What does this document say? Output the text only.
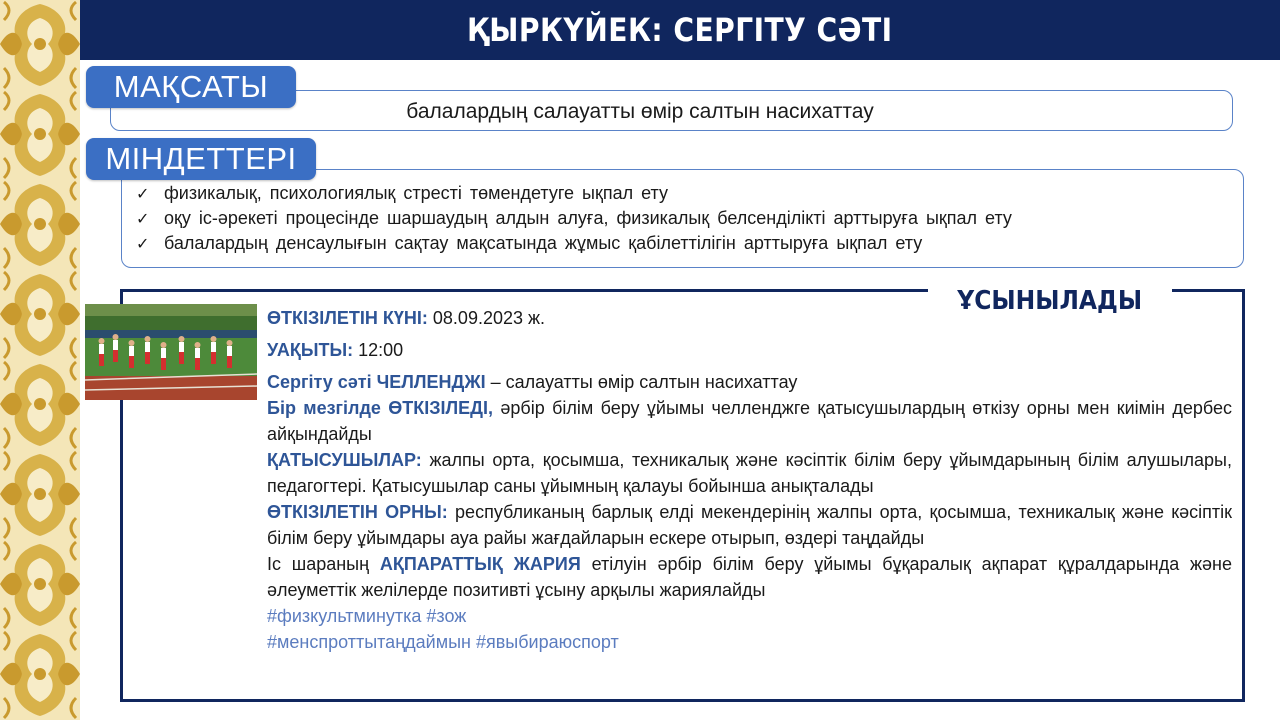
ҚЫРКҮЙЕК: СЕРГІТУ СӘТІ
МАҚСАТЫ
балалардың салауатты өмір салтын насихаттау
МІНДЕТТЕРІ
✓ физикалық, психологиялық стресті төмендетуге ықпал ету
✓ оқу іс-әрекеті процесінде шаршаудың алдын алуға, физикалық белсенділікті арттыруға ықпал ету
✓ балалардың денсаулығын сақтау мақсатында жұмыс қабілеттілігін арттыруға ықпал ету
ҰСЫНЫЛАДЫ

ӨТКІЗІЛЕТІН КҮНІ: 08.09.2023 ж.

УАҚЫТЫ: 12:00

Сергіту сәті ЧЕЛЛЕНДЖІ – салауатты өмір салтын насихаттау

Бір мезгілде ӨТКІЗІЛЕДІ, әрбір білім беру ұйымы челленджге қатысушылардың өткізу орны мен киімін дербес айқындайды

ҚАТЫСУШЫЛАР: жалпы орта, қосымша, техникалық және кәсіптік білім беру ұйымдарының білім алушылары, педагогтері. Қатысушылар саны ұйымның қалауы бойынша анықталады

ӨТКІЗІЛЕТІН ОРНЫ: республиканың барлық елді мекендерінің жалпы орта, қосымша, техникалық және кәсіптік білім беру ұйымдары ауа райы жағдайларын ескере отырып, өздері таңдайды

Іс шараның АҚПАРАТТЫҚ ЖАРИЯ етілуін әрбір білім беру ұйымы бұқаралық ақпарат құралдарында және әлеуметтік желілерде позитивті ұсыну арқылы жариялайды

#физкультминутка #зож

#менспроттытаңдаймын #явыбираюспорт
